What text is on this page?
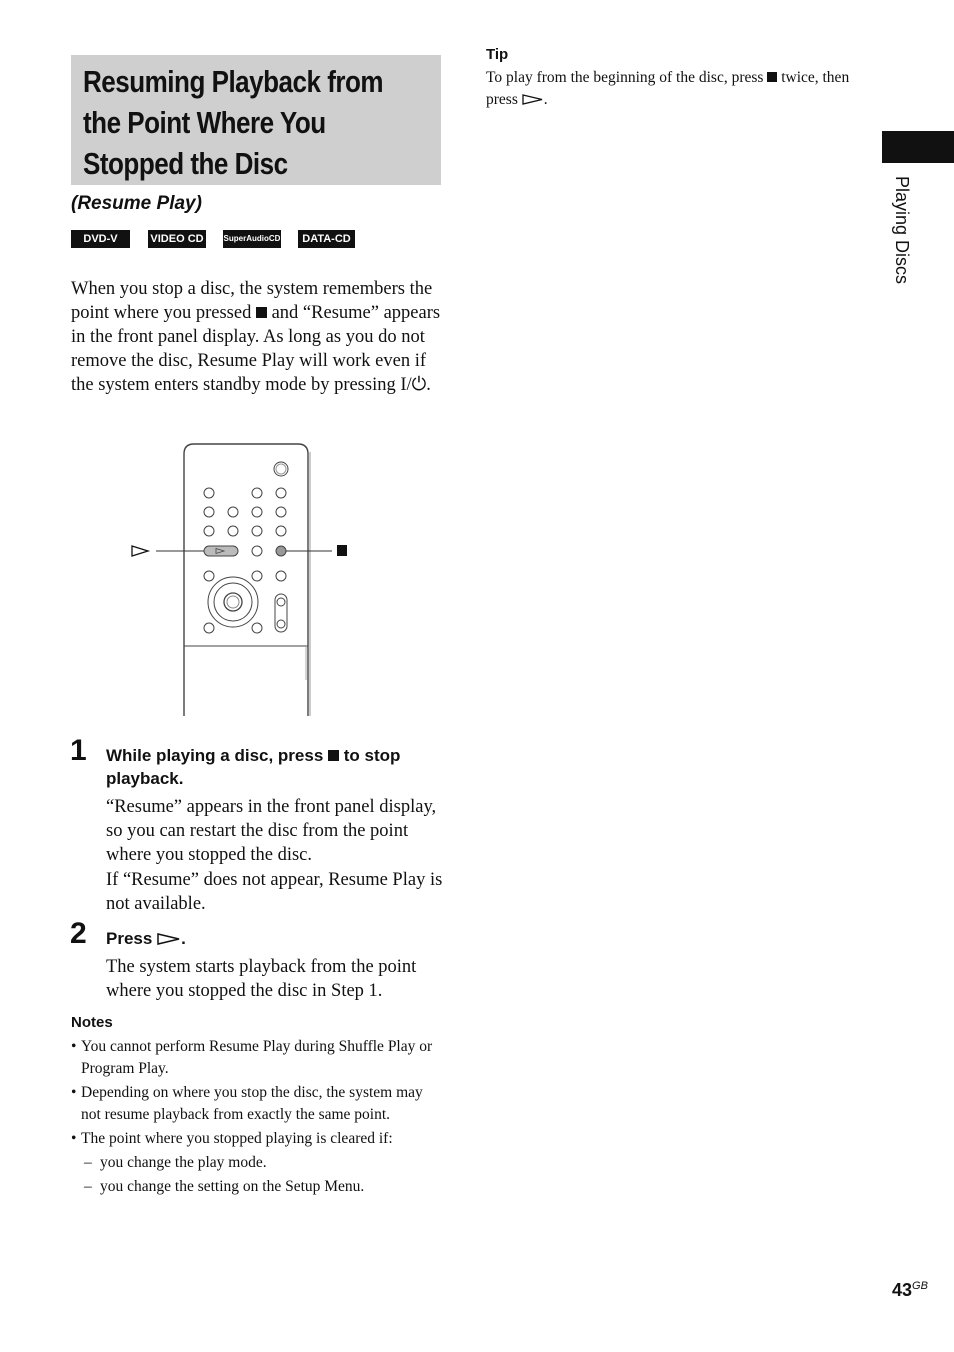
Resuming Playback from
the Point Where You
Stopped the Disc
(Resume Play)
DVD-V	VIDEO CD	SuperAudioCD	DATA-CD
When you stop a disc, the system remembers the point where you pressed and “Resume” appears in the front panel display. As long as you do not remove the disc, Resume Play will work even if the system enters standby mode by pressing I/⏻.
1 While playing a disc, press to stop playback.
“Resume” appears in the front panel display, so you can restart the disc from the point where you stopped the disc.
If “Resume” does not appear, Resume Play is not available.
2 Press .
The system starts playback from the point where you stopped the disc in Step 1.
Notes
• You cannot perform Resume Play during Shuffle Play or Program Play.
• Depending on where you stop the disc, the system may not resume playback from exactly the same point.
• The point where you stopped playing is cleared if:
– you change the play mode.
– you change the setting on the Setup Menu.
Tip
To play from the beginning of the disc, press twice, then press .
Playing Discs
$43^{GB}$
